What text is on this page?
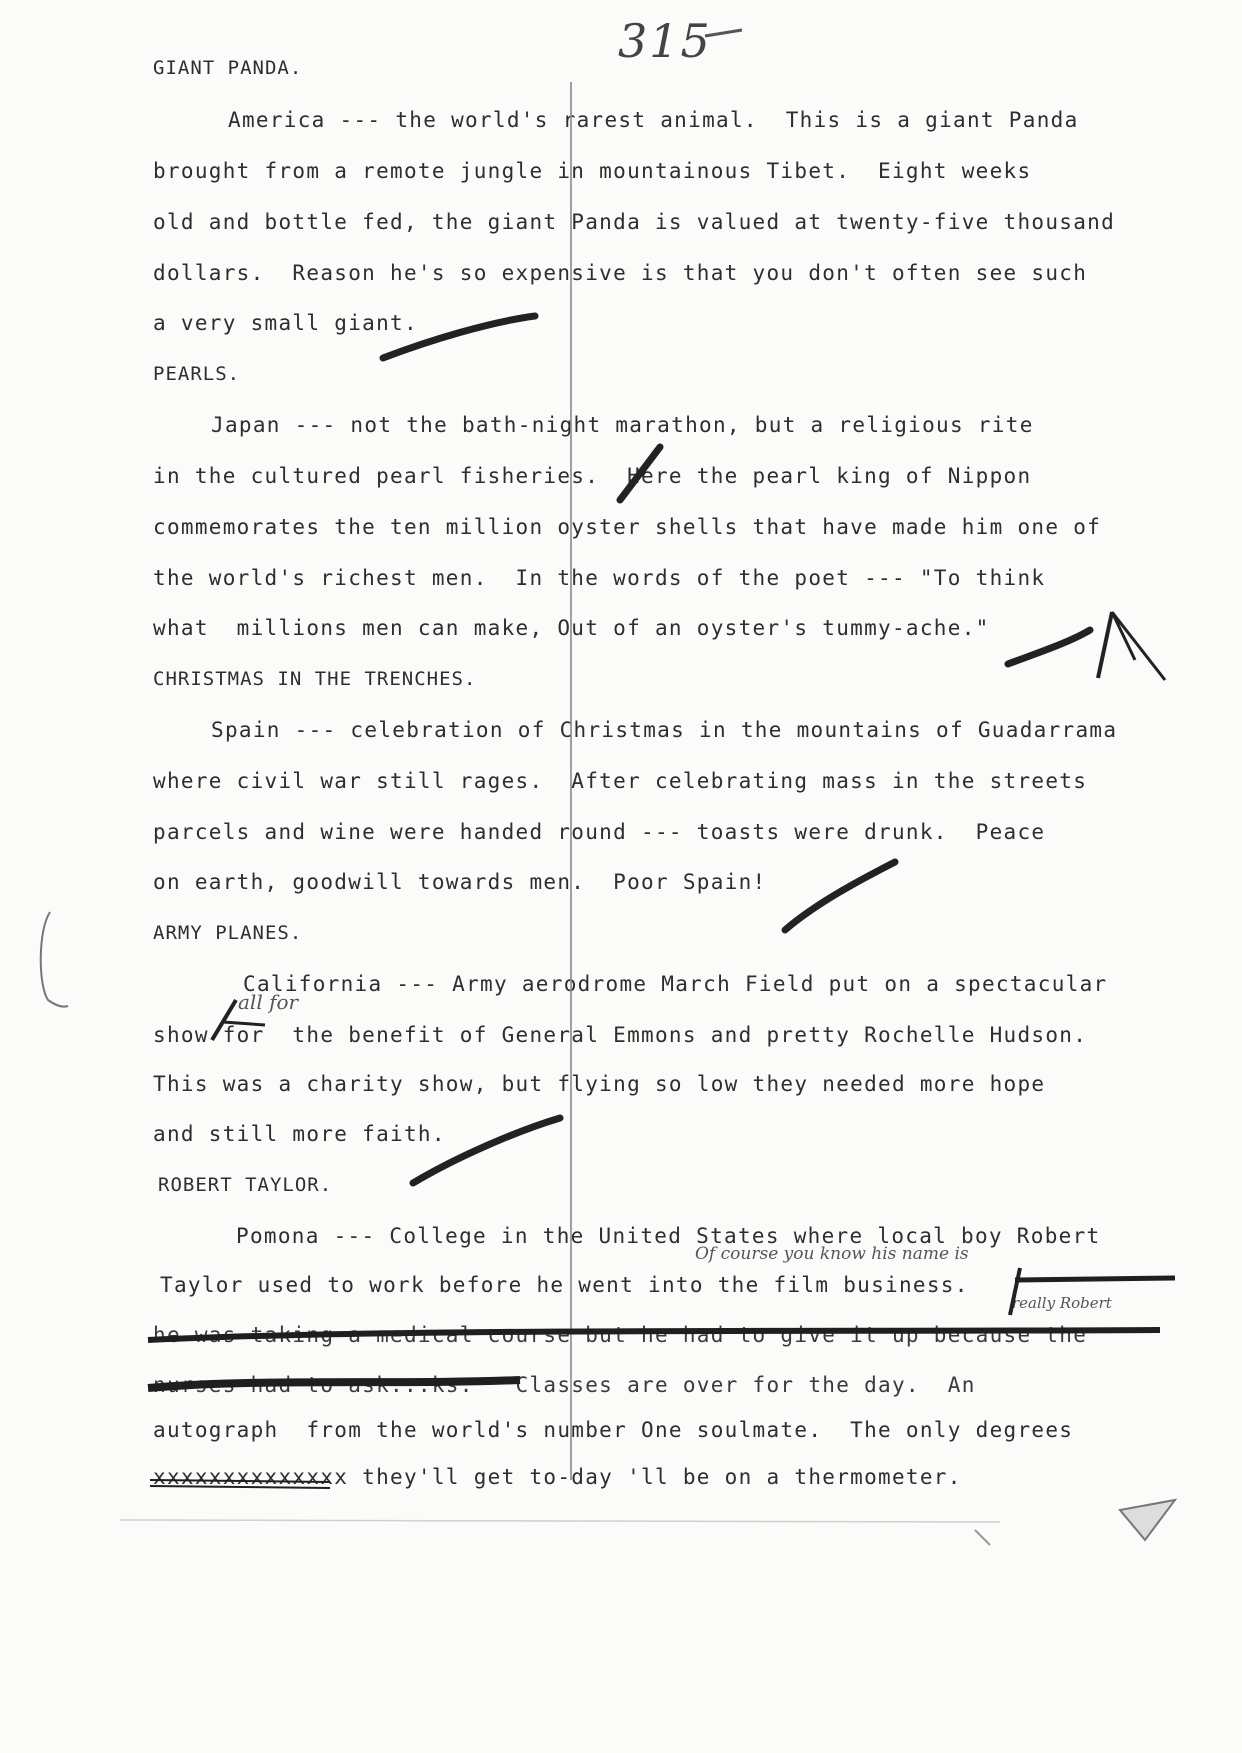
315
GIANT PANDA.
America --- the world's rarest animal.  This is a giant Panda
brought from a remote jungle in mountainous Tibet.  Eight weeks
old and bottle fed, the giant Panda is valued at twenty-five thousand
dollars.  Reason he's so expensive is that you don't often see such
a very small giant.
PEARLS.
Japan --- not the bath-night marathon, but a religious rite
in the cultured pearl fisheries.  Here the pearl king of Nippon
commemorates the ten million oyster shells that have made him one of
the world's richest men.  In the words of the poet --- "To think
what  millions men can make, Out of an oyster's tummy-ache."
CHRISTMAS IN THE TRENCHES.
Spain --- celebration of Christmas in the mountains of Guadarrama
where civil war still rages.  After celebrating mass in the streets
parcels and wine were handed round --- toasts were drunk.  Peace
on earth, goodwill towards men.  Poor Spain!
ARMY PLANES.
California --- Army aerodrome March Field put on a spectacular
show for  the benefit of General Emmons and pretty Rochelle Hudson.
This was a charity show, but flying so low they needed more hope
and still more faith.
ROBERT TAYLOR.
Pomona --- College in the United States where local boy Robert
Taylor used to work before he went into the film business.
he was taking a medical course but he had to give it up because the
nurses had to ask...ks.   Classes are over for the day.  An
autograph  from the world's number One soulmate.  The only degrees
xxxxxxxxxxxxxx they'll get to-day 'll be on a thermometer.
all for
Of course you know his name is
really Robert
